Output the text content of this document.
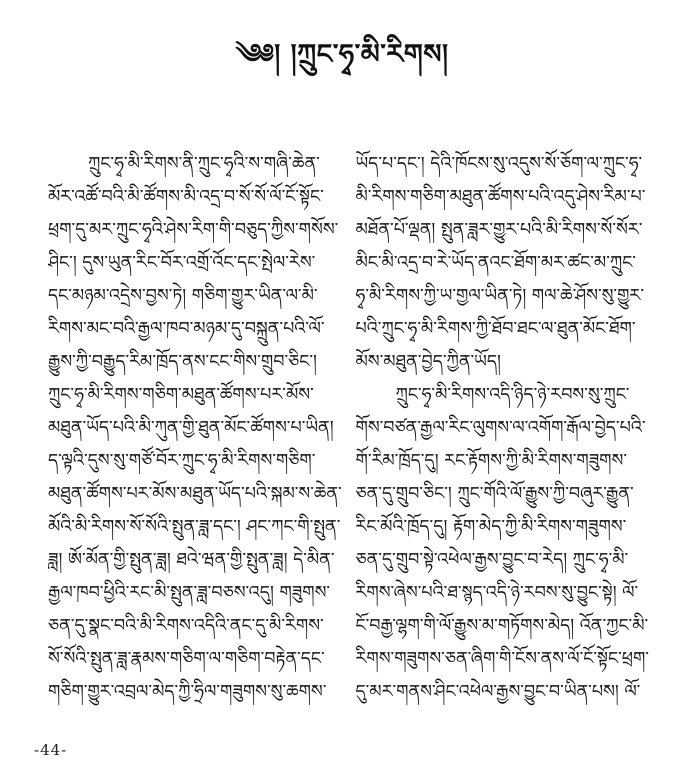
༄༅། །ཀྲུང་ཧྭ་མི་རིགས།

ཀྲུང་ཧྭ་མི་རིགས་ནི་ཀྲུང་ཧྭའི་ས་གཞི་ཆེན་

མོར་འཚོ་བའི་མི་ཚོགས་མི་འདྲ་བ་སོ་སོ་ལོ་ངོ་སྟོང་

ཕྲག་དུ་མར་ཀྲུང་ཧྭའི་ཤེས་རིག་གི་བཅུད་ཀྱིས་གསོས་

ཤིང་། དུས་ཡུན་རིང་བོར་འགྲོ་འོང་དང་སྤེལ་རེས་

དང་མཉམ་འདྲེས་བྱས་ཏེ། གཅིག་གྱུར་ཡིན་ལ་མི་

རིགས་མང་བའི་རྒྱལ་ཁབ་མཉམ་དུ་བསྐྲུན་པའི་ལོ་

རྒྱུས་ཀྱི་བརྒྱུད་རིམ་ཁྲོད་ནས་ངང་གིས་གྲུབ་ཅིང་།

ཀྲུང་ཧྭ་མི་རིགས་གཅིག་མཐུན་ཚོགས་པར་མོས་

མཐུན་ཡོད་པའི་མི་ཀུན་གྱི་ཐུན་མོང་ཚོགས་པ་ཡིན།

ད་ལྟའི་དུས་སུ་གཙོ་བོར་ཀྲུང་ཧྭ་མི་རིགས་གཅིག་

མཐུན་ཚོགས་པར་མོས་མཐུན་ཡོད་པའི་སྐམ་ས་ཆེན་

མོའི་མི་རིགས་སོ་སོའི་སྤུན་ཟླ་དང་། ཤང་ཀང་གི་སྤུན་

ཟླ། ཨོ་མོན་གྱི་སྤུན་ཟླ། ཐའེ་ཝན་གྱི་སྤུན་ཟླ། དེ་མིན་

རྒྱལ་ཁབ་ཕྱིའི་རང་མི་སྤུན་ཟླ་བཅས་འདུ། གཟུགས་

ཅན་དུ་སྣང་བའི་མི་རིགས་འདིའི་ནང་དུ་མི་རིགས་

སོ་སོའི་སྤུན་ཟླ་རྣམས་གཅིག་ལ་གཅིག་བརྟེན་དང་

གཅིག་གྱུར་འབྲལ་མེད་ཀྱི་ཧྲིལ་གཟུགས་སུ་ཆགས་

ཡོད་པ་དང་། དེའི་ཁོངས་སུ་འདུས་སོ་ཅོག་ལ་ཀྲུང་ཧྭ་

མི་རིགས་གཅིག་མཐུན་ཚོགས་པའི་འདུ་ཤེས་རིམ་པ་

མཐོན་པོ་ལྡན། སྤུན་ཟླར་གྱུར་པའི་མི་རིགས་སོ་སོར་

མིང་མི་འདྲ་བ་རེ་ཡོད་ནའང་ཐོག་མར་ཚང་མ་ཀྲུང་

ཧྭ་མི་རིགས་ཀྱི་ཡ་གྱལ་ཡིན་ཏེ། གལ་ཆེ་ཤོས་སུ་གྱུར་

པའི་ཀྲུང་ཧྭ་མི་རིགས་ཀྱི་ཐོབ་ཐང་ལ་ཐུན་མོང་ཐོག་

མོས་མཐུན་བྱེད་ཀྱིན་ཡོད།

ཀྲུང་ཧྭ་མི་རིགས་འདི་ཉིད་ཉེ་རབས་སུ་ཀྲུང་

གོས་བཙན་རྒྱལ་རིང་ལུགས་ལ་འགོག་རྒོལ་བྱེད་པའི་

གོ་རིམ་ཁྲོད་དུ། རང་རྟོགས་ཀྱི་མི་རིགས་གཟུགས་

ཅན་དུ་གྲུབ་ཅིང་། ཀྲུང་གོའི་ལོ་རྒྱུས་ཀྱི་བཞུར་རྒྱུན་

རིང་མོའི་ཁྲོད་དུ། རྟོག་མེད་ཀྱི་མི་རིགས་གཟུགས་

ཅན་དུ་གྲུབ་སྟེ་འཕེལ་རྒྱས་བྱུང་བ་རེད། ཀྲུང་ཧྭ་མི་

རིགས་ཞེས་པའི་ཐ་སྙད་འདི་ཉེ་རབས་སུ་བྱུང་སྟེ། ལོ་

ངོ་བརྒྱ་ལྷག་གི་ལོ་རྒྱུས་མ་གཏོགས་མེད། འོན་ཀྱང་མི་

རིགས་གཟུགས་ཅན་ཞིག་གི་ངོས་ནས་ལོ་ངོ་སྟོང་ཕྲག་

དུ་མར་གནས་ཤིང་འཕེལ་རྒྱས་བྱུང་བ་ཡིན་པས། ལོ་

-44-
